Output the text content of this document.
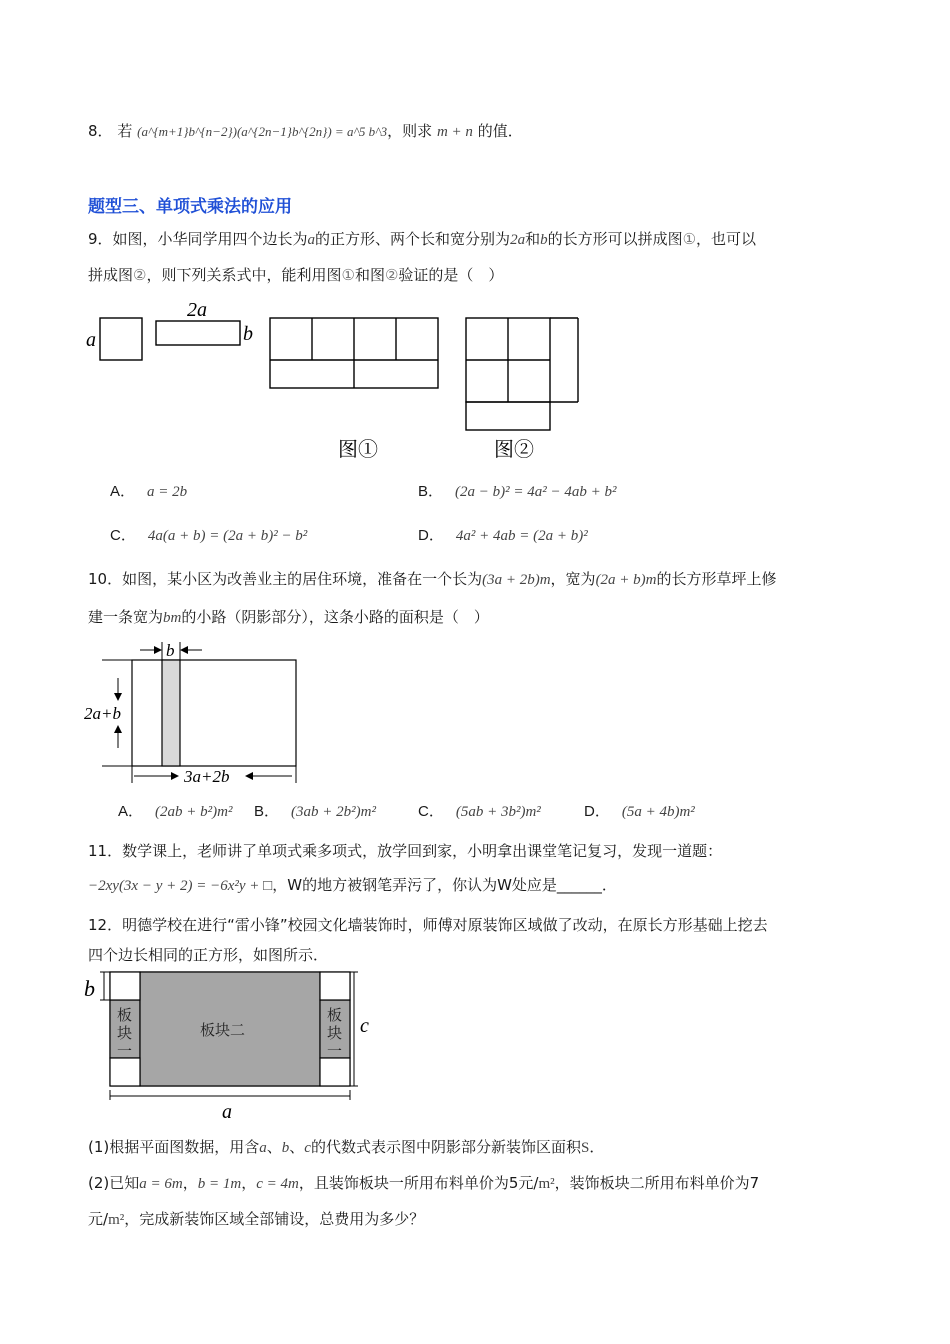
8． 若 (a^{m+1}b^{n−2})(a^{2n−1}b^{2n}) = a^5 b^3，则求 m + n 的值．
题型三、单项式乘法的应用
9．如图，小华同学用四个边长为a的正方形、两个长和宽分别为2a和b的长方形可以拼成图①，也可以
拼成图②，则下列关系式中，能利用图①和图②验证的是（　）
a
2a
b
图①	图②
A． a = 2b	B． (2a − b)² = 4a² − 4ab + b²
C． 4a(a + b) = (2a + b)² − b²	D． 4a² + 4ab = (2a + b)²
10．如图，某小区为改善业主的居住环境，准备在一个长为(3a + 2b)m，宽为(2a + b)m的长方形草坪上修
建一条宽为bm的小路（阴影部分），这条小路的面积是（　）
b
2a+b
3a+2b
A． (2ab + b²)m² B． (3ab + 2b²)m²	C． (5ab + 3b²)m²	D． (5a + 4b)m²
11．数学课上，老师讲了单项式乘多项式，放学回到家，小明拿出课堂笔记复习，发现一道题：
−2xy(3x − y + 2) = −6x²y + □，W的地方被钢笔弄污了，你认为W处应是______．
12．明德学校在进行“雷小锋”校园文化墙装饰时，师傅对原装饰区域做了改动，在原长方形基础上挖去
四个边长相同的正方形，如图所示．
b
板
块
一
板块二
板
块
一
c
a
(1)根据平面图数据，用含a、b、c的代数式表示图中阴影部分新装饰区面积S．
(2)已知a = 6m，b = 1m，c = 4m，且装饰板块一所用布料单价为5元/m²，装饰板块二所用布料单价为7
元/m²，完成新装饰区域全部铺设，总费用为多少？
